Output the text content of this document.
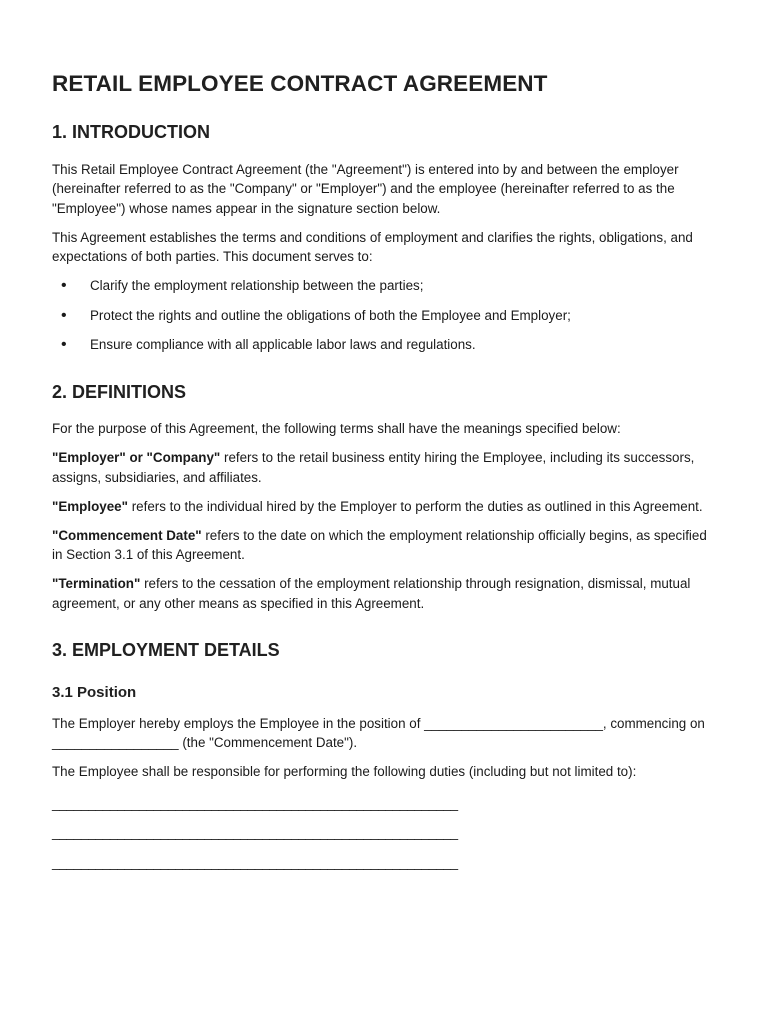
RETAIL EMPLOYEE CONTRACT AGREEMENT
1. INTRODUCTION

This Retail Employee Contract Agreement (the "Agreement") is entered into by and between the employer (hereinafter referred to as the "Company" or "Employer") and the employee (hereinafter referred to as the "Employee") whose names appear in the signature section below.

This Agreement establishes the terms and conditions of employment and clarifies the rights, obligations, and expectations of both parties. This document serves to:

• Clarify the employment relationship between the parties;
• Protect the rights and outline the obligations of both the Employee and Employer;
• Ensure compliance with all applicable labor laws and regulations.
2. DEFINITIONS

For the purpose of this Agreement, the following terms shall have the meanings specified below:

"Employer" or "Company" refers to the retail business entity hiring the Employee, including its successors, assigns, subsidiaries, and affiliates.

"Employee" refers to the individual hired by the Employer to perform the duties as outlined in this Agreement.

"Commencement Date" refers to the date on which the employment relationship officially begins, as specified in Section 3.1 of this Agreement.

"Termination" refers to the cessation of the employment relationship through resignation, dismissal, mutual agreement, or any other means as specified in this Agreement.

3. EMPLOYMENT DETAILS
3.1 Position

The Employer hereby employs the Employee in the position of ________________________, commencing on _________________ (the "Commencement Date").

The Employee shall be responsible for performing the following duties (including but not limited to):

________________________________________________________
________________________________________________________
________________________________________________________
